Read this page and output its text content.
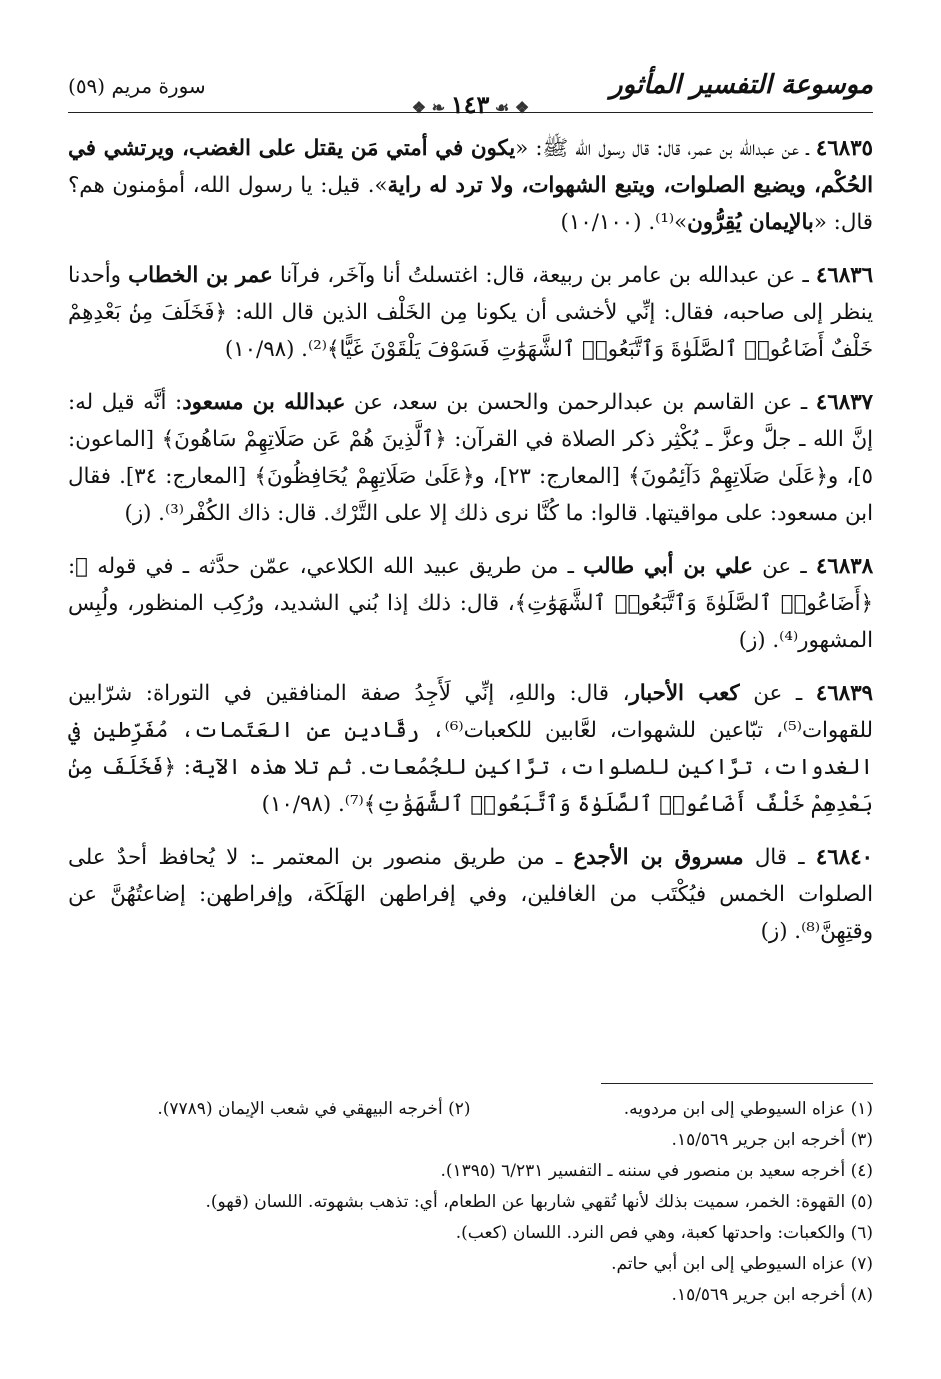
موسوعة التفسير المأثور
❖ ❧ ١٤٣ ☙ ❖
سورة مريم (٥٩)

٤٦٨٣٥ ـ عن عبدالله بن عمر، قال: قال رسول الله ﷺ: «يكون في أمتي مَن يقتل على الغضب، ويرتشي في الحُكْم، ويضيع الصلوات، ويتبع الشهوات، ولا ترد له راية». قيل: يا رسول الله، أمؤمنون هم؟ قال: «بالإيمان يُقِرُّون»⁽¹⁾. (١٠/١٠٠)

٤٦٨٣٦ ـ عن عبدالله بن عامر بن ربيعة، قال: اغتسلتُ أنا وآخَر، فرآنا عمر بن الخطاب وأحدنا ينظر إلى صاحبه، فقال: إنِّي لأخشى أن يكونا مِن الخَلْف الذين قال الله: ﴿فَخَلَفَ مِنۢ بَعْدِهِمْ خَلْفٌ أَضَاعُوا۟ ٱلصَّلَوٰةَ وَٱتَّبَعُوا۟ ٱلشَّهَوَٰتِ فَسَوْفَ يَلْقَوْنَ غَيًّا﴾⁽²⁾. (١٠/٩٨)

٤٦٨٣٧ ـ عن القاسم بن عبدالرحمن والحسن بن سعد، عن عبدالله بن مسعود: أنَّه قيل له: إنَّ الله ـ جلَّ وعزَّ ـ يُكْثِر ذكر الصلاة في القرآن: ﴿ٱلَّذِينَ هُمْ عَن صَلَاتِهِمْ سَاهُونَ﴾ [الماعون: ٥]، و﴿عَلَىٰ صَلَاتِهِمْ دَآئِمُونَ﴾ [المعارج: ٢٣]، و﴿عَلَىٰ صَلَاتِهِمْ يُحَافِظُونَ﴾ [المعارج: ٣٤]. فقال ابن مسعود: على مواقيتها. قالوا: ما كُنَّا نرى ذلك إلا على التَّرْك. قال: ذاك الكُفْر⁽³⁾. (ز)

٤٦٨٣٨ ـ عن علي بن أبي طالب ـ من طريق عبيد الله الكلاعي، عمّن حدَّثه ـ في قوله ﷻ: ﴿أَضَاعُوا۟ ٱلصَّلَوٰةَ وَٱتَّبَعُوا۟ ٱلشَّهَوَٰتِ﴾، قال: ذلك إذا بُني الشديد، ورُكِب المنظور، ولُبِس المشهور⁽⁴⁾. (ز)

٤٦٨٣٩ ـ عن كعب الأحبار، قال: واللهِ، إنِّي لَأَجِدُ صفة المنافقين في التوراة: شرّابين للقهوات⁽⁵⁾، تبّاعين للشهوات، لعَّابين للكعبات⁽⁶⁾، رقَّادين عن العَتَمات، مُفَرِّطين في الغدوات، ترَّاكين للصلوات، ترَّاكين للجُمُعات. ثم تلا هذه الآية: ﴿فَخَلَفَ مِنۢ بَعْدِهِمْ خَلْفٌ أَضَاعُوا۟ ٱلصَّلَوٰةَ وَٱتَّبَعُوا۟ ٱلشَّهَوَٰتِ﴾⁽⁷⁾. (١٠/٩٨)

٤٦٨٤٠ ـ قال مسروق بن الأجدع ـ من طريق منصور بن المعتمر ـ: لا يُحافظ أحدٌ على الصلوات الخمس فيُكْتَب من الغافلين، وفي إفراطهن الهَلَكَة، وإفراطهن: إضاعتُهُنَّ عن وقتِهِنَّ⁽⁸⁾. (ز)

(١) عزاه السيوطي إلى ابن مردويه.
(٢) أخرجه البيهقي في شعب الإيمان (٧٧٨٩).
(٣) أخرجه ابن جرير ١٥/٥٦٩.
(٤) أخرجه سعيد بن منصور في سننه ـ التفسير ٦/٢٣١ (١٣٩٥).
(٥) القهوة: الخمر، سميت بذلك لأنها تُقهي شاربها عن الطعام، أي: تذهب بشهوته. اللسان (قهو).
(٦) والكعبات: واحدتها كعبة، وهي فص النرد. اللسان (كعب).
(٧) عزاه السيوطي إلى ابن أبي حاتم.
(٨) أخرجه ابن جرير ١٥/٥٦٩.
